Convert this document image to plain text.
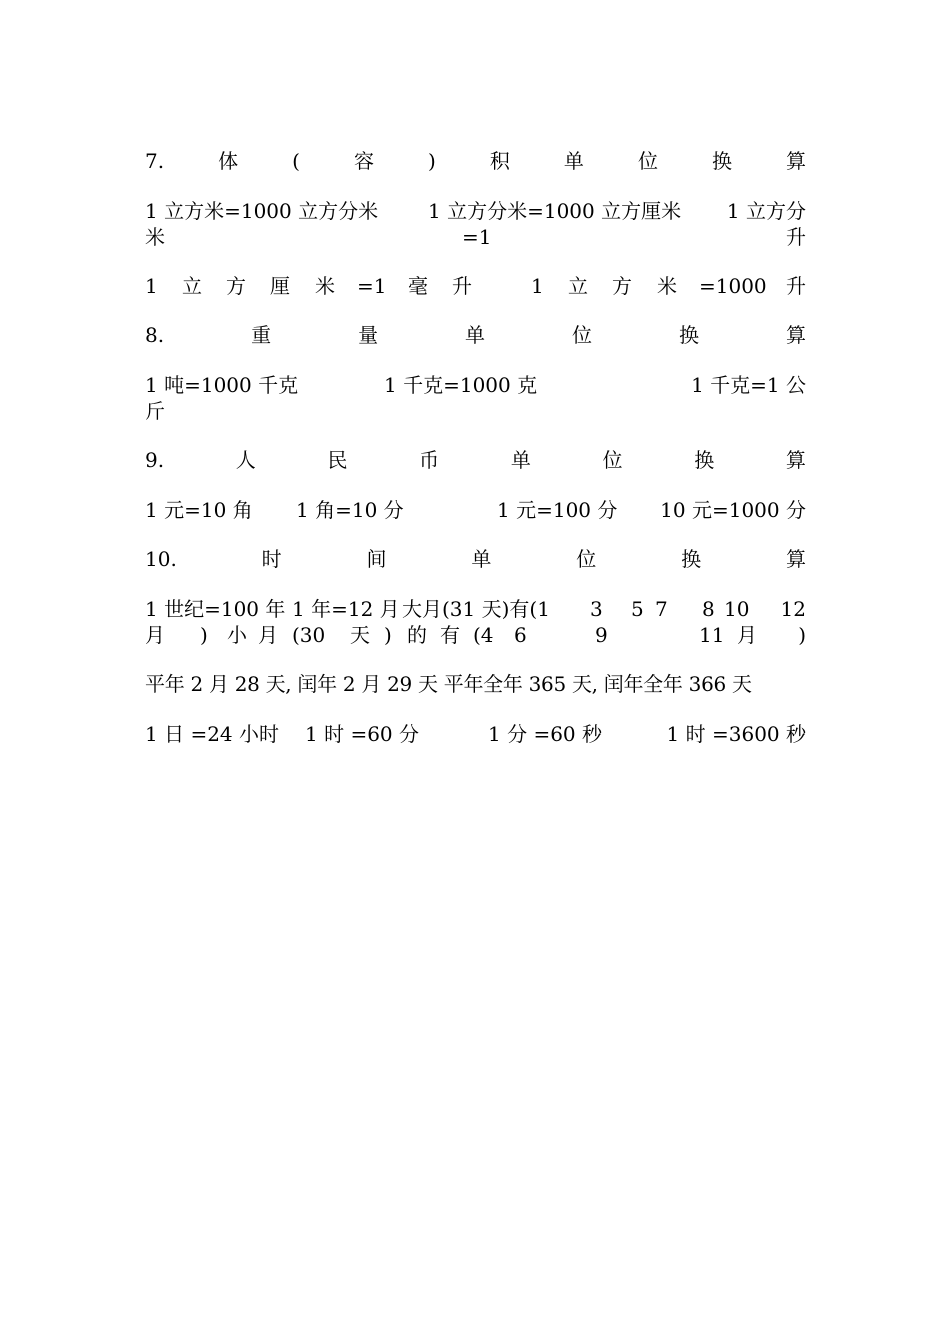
7.	体	(	容	)	积	单	位	换	算
1 立方米=1000 立方分米 1 立方分米=1000 立方厘米 1 立方分
米	=1	升
1 立 方 厘 米 =1 毫 升	1 立 方 米 =1000 升
8.	重	量	单	位	换	算
1 吨=1000 千克	1 千克=1000 克	1 千克=1 公
斤
9.	人	民	币	单	位	换	算
1 元=10 角 1 角=10 分	1 元=100 分 10 元=1000 分
10.	时	间	单	位	换	算
1 世纪=100 年 1 年=12 月 大月(31 天)有(1 3 5 7 8 10 12
月 ) 小 月 (30 天 ) 的 有 (4 6	9	11 月 )
平年 2 月 28 天, 闰年 2 月 29 天 平年全年 365 天, 闰年全年 366 天
1 日 =24 小时 1 时 =60 分	1 分 =60 秒	1 时 =3600 秒
